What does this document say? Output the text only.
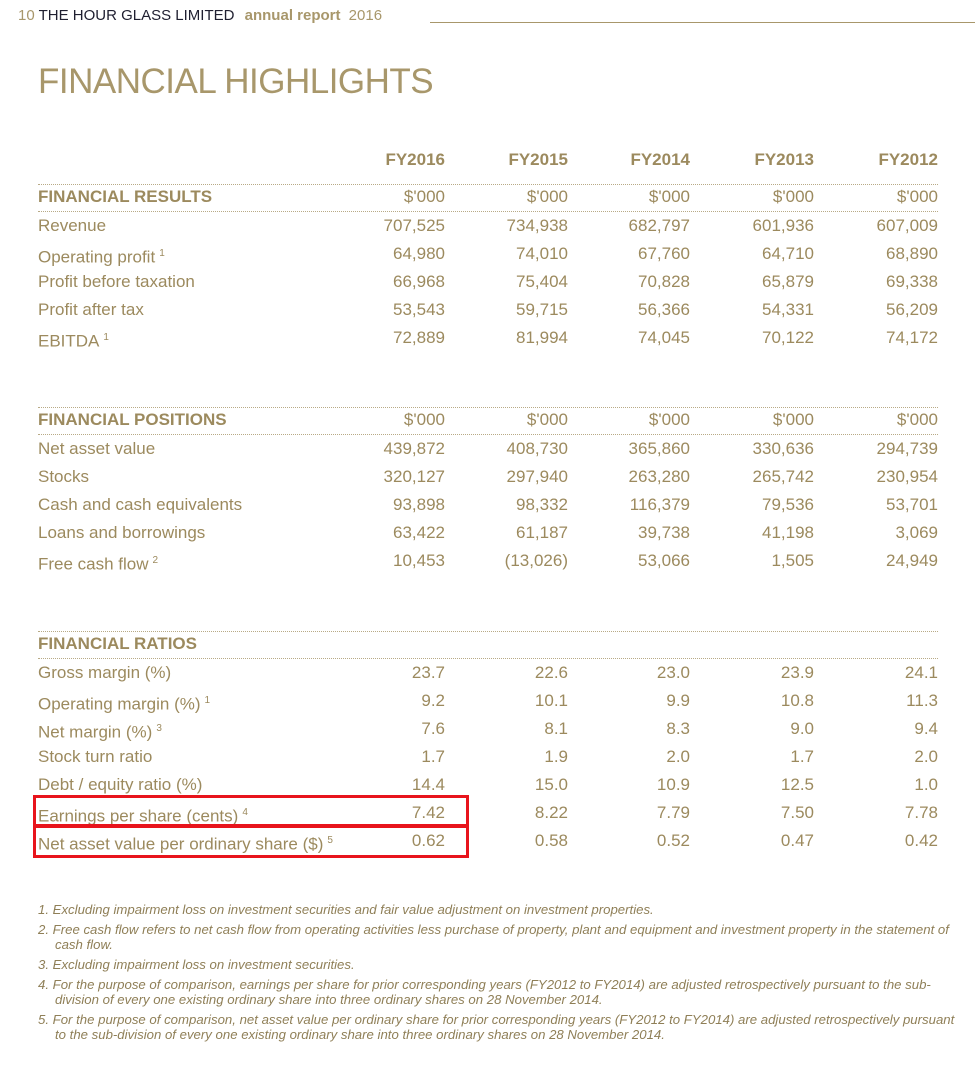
10 THE HOUR GLASS LIMITED annual report 2016
FINANCIAL HIGHLIGHTS
FY2016	FY2015	FY2014	FY2013	FY2012
FINANCIAL RESULTS	$'000	$'000	$'000	$'000	$'000
Revenue	707,525	734,938	682,797	601,936	607,009
Operating profit $^1$	64,980	74,010	67,760	64,710	68,890
Profit before taxation	66,968	75,404	70,828	65,879	69,338
Profit after tax	53,543	59,715	56,366	54,331	56,209
EBITDA $^1$	72,889	81,994	74,045	70,122	74,172
FINANCIAL POSITIONS	$'000	$'000	$'000	$'000	$'000
Net asset value	439,872	408,730	365,860	330,636	294,739
Stocks	320,127	297,940	263,280	265,742	230,954
Cash and cash equivalents	93,898	98,332	116,379	79,536	53,701
Loans and borrowings	63,422	61,187	39,738	41,198	3,069
Free cash flow $^2$	10,453	(13,026)	53,066	1,505	24,949
FINANCIAL RATIOS
Gross margin (%)	23.7	22.6	23.0	23.9	24.1
Operating margin (%) $^1$	9.2	10.1	9.9	10.8	11.3
Net margin (%) $^3$	7.6	8.1	8.3	9.0	9.4
Stock turn ratio	1.7	1.9	2.0	1.7	2.0
Debt / equity ratio (%)	14.4	15.0	10.9	12.5	1.0
Earnings per share (cents) $^4$	7.42	8.22	7.79	7.50	7.78
Net asset value per ordinary share ($) $^5$	0.62	0.58	0.52	0.47	0.42
1. Excluding impairment loss on investment securities and fair value adjustment on investment properties.
2. Free cash flow refers to net cash flow from operating activities less purchase of property, plant and equipment and investment property in the statement of cash flow.
3. Excluding impairment loss on investment securities.
4. For the purpose of comparison, earnings per share for prior corresponding years (FY2012 to FY2014) are adjusted retrospectively pursuant to the sub-division of every one existing ordinary share into three ordinary shares on 28 November 2014.
5. For the purpose of comparison, net asset value per ordinary share for prior corresponding years (FY2012 to FY2014) are adjusted retrospectively pursuant to the sub-division of every one existing ordinary share into three ordinary shares on 28 November 2014.
